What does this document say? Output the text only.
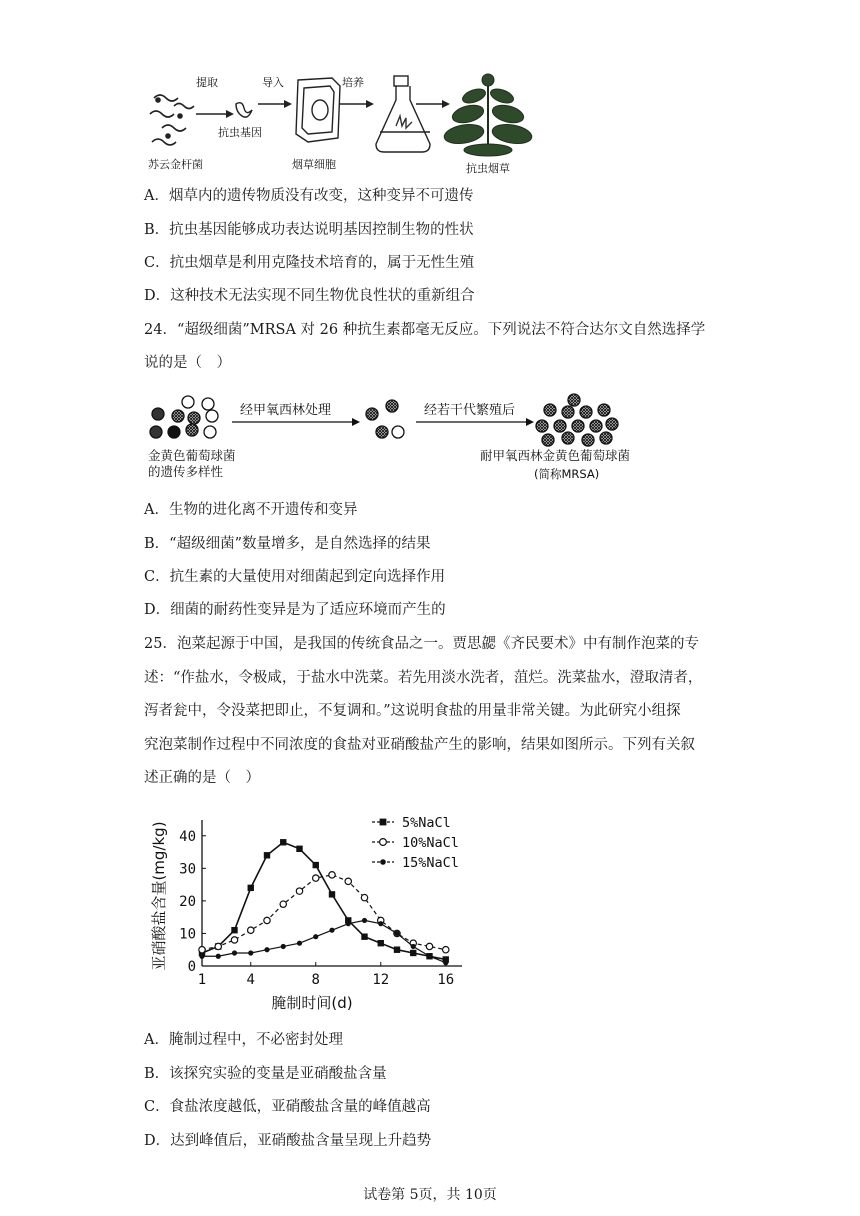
苏云金杆菌
提取
抗虫基因
导入
烟草细胞
培养
抗虫烟草
A．烟草内的遗传物质没有改变，这种变异不可遗传
B．抗虫基因能够成功表达说明基因控制生物的性状
C．抗虫烟草是利用克隆技术培育的，属于无性生殖
D．这种技术无法实现不同生物优良性状的重新组合
24．“超级细菌”MRSA 对 26 种抗生素都毫无反应。下列说法不符合达尔文自然选择学
说的是（　）
金黄色葡萄球菌
的遗传多样性
经甲氧西林处理	经若干代繁殖后
耐甲氧西林金黄色葡萄球菌
(简称MRSA)
A．生物的进化离不开遗传和变异
B．“超级细菌”数量增多，是自然选择的结果
C．抗生素的大量使用对细菌起到定向选择作用
D．细菌的耐药性变异是为了适应环境而产生的
25．泡菜起源于中国，是我国的传统食品之一。贾思勰《齐民要术》中有制作泡菜的专
述：“作盐水，令极咸，于盐水中洗菜。若先用淡水洗者，菹烂。洗菜盐水，澄取清者，
泻者瓮中，令没菜把即止，不复调和。”这说明食盐的用量非常关键。为此研究小组探
究泡菜制作过程中不同浓度的食盐对亚硝酸盐产生的影响，结果如图所示。下列有关叙
述正确的是（　）
0
10
20
30
40
1	4	8	12	16
腌制时间(d)
亚硝酸盐含量(mg/kg)	5%NaCl
10%NaCl
15%NaCl
A．腌制过程中，不必密封处理
B．该探究实验的变量是亚硝酸盐含量
C．食盐浓度越低，亚硝酸盐含量的峰值越高
D．达到峰值后，亚硝酸盐含量呈现上升趋势
试卷第 5页，共 10页
